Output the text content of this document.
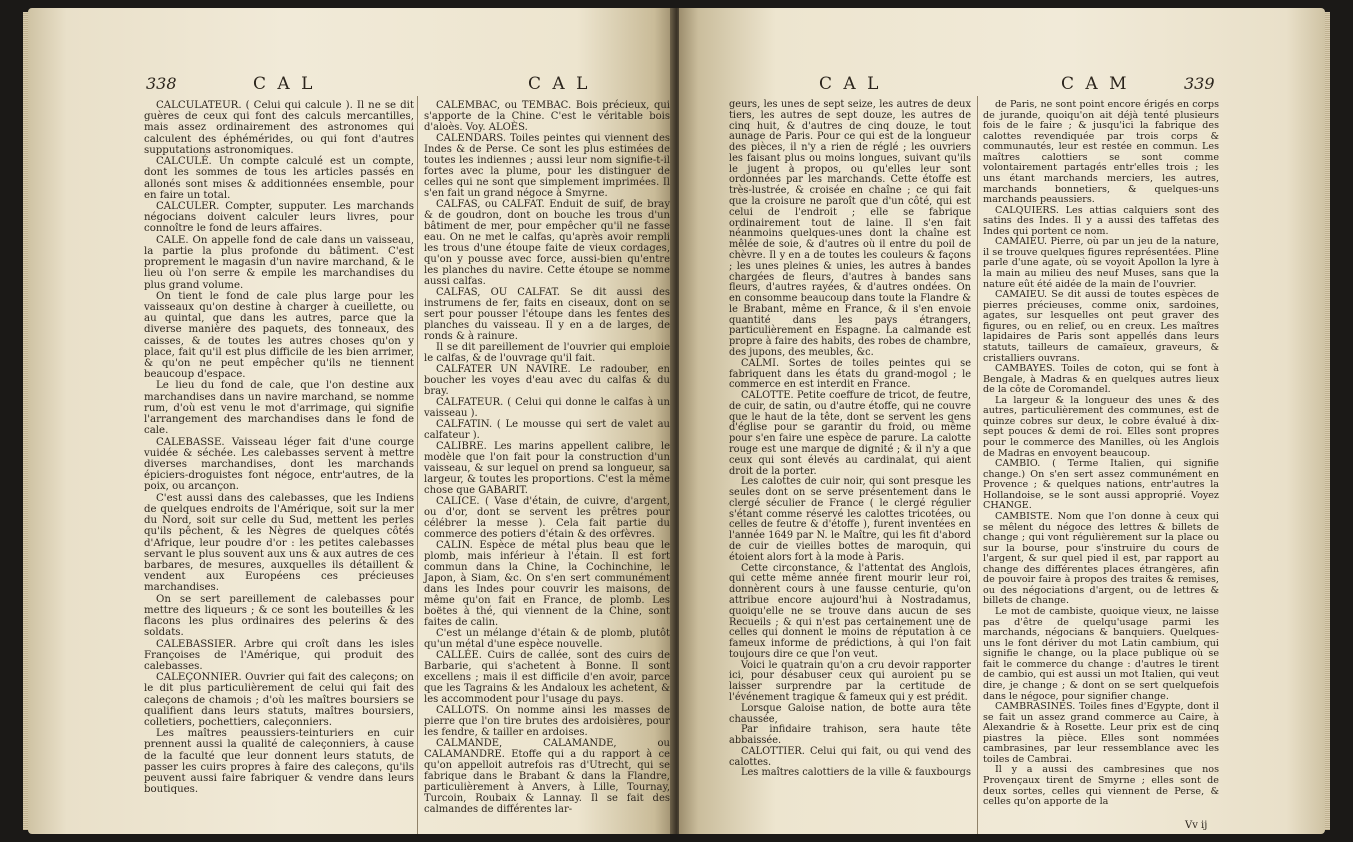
338	C A L	C A L

CALCULATEUR. ( Celui qui calcule ). Il ne se dit guères de ceux qui font des calculs mercantilles, mais assez ordinairement des astronomes qui calculent des éphémérides, ou qui font d'autres supputations astronomiques.

CALCULÉ. Un compte calculé est un compte, dont les sommes de tous les articles passés en allonés sont mises & additionnées ensemble, pour en faire un total.

CALCULER. Compter, supputer. Les marchands négocians doivent calculer leurs livres, pour connoître le fond de leurs affaires.

CALE. On appelle fond de cale dans un vaisseau, la partie la plus profonde du bâtiment. C'est proprement le magasin d'un navire marchand, & le lieu où l'on serre & empile les marchandises du plus grand volume.

On tient le fond de cale plus large pour les vaisseaux qu'on destine à charger à cueillette, ou au quintal, que dans les autres, parce que la diverse manière des paquets, des tonneaux, des caisses, & de toutes les autres choses qu'on y place, fait qu'il est plus difficile de les bien arrimer, & qu'on ne peut empêcher qu'ils ne tiennent beaucoup d'espace.

Le lieu du fond de cale, que l'on destine aux marchandises dans un navire marchand, se nomme rum, d'où est venu le mot d'arrimage, qui signifie l'arrangement des marchandises dans le fond de cale.

CALEBASSE. Vaisseau léger fait d'une courge vuidée & séchée. Les calebasses servent à mettre diverses marchandises, dont les marchands épiciers-droguistes font négoce, entr'autres, de la poix, ou arcançon.

C'est aussi dans des calebasses, que les Indiens de quelques endroits de l'Amérique, soit sur la mer du Nord, soit sur celle du Sud, mettent les perles qu'ils pêchent, & les Nègres de quelques côtés d'Afrique, leur poudre d'or : les petites calebasses servant le plus souvent aux uns & aux autres de ces barbares, de mesures, auxquelles ils détaillent & vendent aux Européens ces précieuses marchandises.

On se sert pareillement de calebasses pour mettre des liqueurs ; & ce sont les bouteilles & les flacons les plus ordinaires des pelerins & des soldats.

CALEBASSIER. Arbre qui croît dans les isles Françoises de l'Amérique, qui produit des calebasses.

CALEÇONNIER. Ouvrier qui fait des caleçons; on le dit plus particulièrement de celui qui fait des caleçons de chamois ; d'où les maîtres boursiers se qualifient dans leurs statuts, maîtres boursiers, colletiers, pochettiers, caleçonniers.

Les maîtres peaussiers-teinturiers en cuir prennent aussi la qualité de caleçonniers, à cause de la faculté que leur donnent leurs statuts, de passer les cuirs propres à faire des caleçons, qu'ils peuvent aussi faire fabriquer & vendre dans leurs boutiques.

CALEMBAC, ou TEMBAC. Bois précieux, qui s'apporte de la Chine. C'est le véritable bois d'aloès. Voy. ALOÈS.

CALENDARS. Toiles peintes qui viennent des Indes & de Perse. Ce sont les plus estimées de toutes les indiennes ; aussi leur nom signifie-t-il fortes avec la plume, pour les distinguer de celles qui ne sont que simplement imprimées. Il s'en fait un grand négoce à Smyrne.

CALFAS, ou CALFAT. Enduit de suif, de bray & de goudron, dont on bouche les trous d'un bâtiment de mer, pour empêcher qu'il ne fasse eau. On ne met le calfas, qu'après avoir rempli les trous d'une étoupe faite de vieux cordages, qu'on y pousse avec force, aussi-bien qu'entre les planches du navire. Cette étoupe se nomme aussi calfas.

CALFAS, OU CALFAT. Se dit aussi des instrumens de fer, faits en ciseaux, dont on se sert pour pousser l'étoupe dans les fentes des planches du vaisseau. Il y en a de larges, de ronds & à rainure.

Il se dit pareillement de l'ouvrier qui emploie le calfas, & de l'ouvrage qu'il fait.

CALFATER UN NAVIRE. Le radouber, en boucher les voyes d'eau avec du calfas & du bray.

CALFATEUR. ( Celui qui donne le calfas à un vaisseau ).

CALFATIN. ( Le mousse qui sert de valet au calfateur ).

CALIBRE. Les marins appellent calibre, le modèle que l'on fait pour la construction d'un vaisseau, & sur lequel on prend sa longueur, sa largeur, & toutes les proportions. C'est la même chose que GABARIT.

CALICE. ( Vase d'étain, de cuivre, d'argent, ou d'or, dont se servent les prêtres pour célébrer la messe ). Cela fait partie du commerce des potiers d'étain & des orfèvres.

CALIN. Espèce de métal plus beau que le plomb, mais inférieur à l'étain. Il est fort commun dans la Chine, la Cochinchine, le Japon, à Siam, &c. On s'en sert communément dans les Indes pour couvrir les maisons, de même qu'on fait en France, de plomb. Les boëtes à thé, qui viennent de la Chine, sont faites de calin.

C'est un mélange d'étain & de plomb, plutôt qu'un métal d'une espèce nouvelle.

CALLÉE. Cuirs de callée, sont des cuirs de Barbarie, qui s'achetent à Bonne. Il sont excellens ; mais il est difficile d'en avoir, parce que les Tagrains & les Andaloux les achetent, & les accommodent pour l'usage du pays.

CALLOTS. On nomme ainsi les masses de pierre que l'on tire brutes des ardoisières, pour les fendre, & tailler en ardoises.

CALMANDE, CALAMANDE, ou CALAMANDRE. Etoffe qui a du rapport à ce qu'on appelloit autrefois ras d'Utrecht, qui se fabrique dans le Brabant & dans la Flandre, particulièrement à Anvers, à Lille, Tournay, Turcoin, Roubaix & Lannay. Il se fait des calmandes de différentes lar-

C A L	C A M	339

geurs, les unes de sept seize, les autres de deux tiers, les autres de sept douze, les autres de cinq huit, & d'autres de cinq douze, le tout aunage de Paris. Pour ce qui est de la longueur des pièces, il n'y a rien de réglé ; les ouvriers les faisant plus ou moins longues, suivant qu'ils le jugent à propos, ou qu'elles leur sont ordonnées par les marchands. Cette étoffe est très-lustrée, & croisée en chaîne ; ce qui fait que la croisure ne paroît que d'un côté, qui est celui de l'endroit ; elle se fabrique ordinairement tout de laine. Il s'en fait néanmoins quelques-unes dont la chaîne est mêlée de soie, & d'autres où il entre du poil de chèvre. Il y en a de toutes les couleurs & façons ; les unes pleines & unies, les autres à bandes chargées de fleurs, d'autres à bandes sans fleurs, d'autres rayées, & d'autres ondées. On en consomme beaucoup dans toute la Flandre & le Brabant, même en France, & il s'en envoie quantité dans les pays étrangers, particulièrement en Espagne. La calmande est propre à faire des habits, des robes de chambre, des jupons, des meubles, &c.

CALMI. Sortes de toiles peintes qui se fabriquent dans les états du grand-mogol ; le commerce en est interdit en France.

CALOTTE. Petite coeffure de tricot, de feutre, de cuir, de satin, ou d'autre étoffe, qui ne couvre que le haut de la tête, dont se servent les gens d'église pour se garantir du froid, ou même pour s'en faire une espèce de parure. La calotte rouge est une marque de dignité ; & il n'y a que ceux qui sont élevés au cardinalat, qui aient droit de la porter.

Les calottes de cuir noir, qui sont presque les seules dont on se serve présentement dans le clergé séculier de France ( le clergé régulier s'étant comme réservé les calottes tricotées, ou celles de feutre & d'étoffe ), furent inventées en l'année 1649 par N. le Maître, qui les fit d'abord de cuir de vieilles bottes de maroquin, qui étoient alors fort à la mode à Paris.

Cette circonstance, & l'attentat des Anglois, qui cette même année firent mourir leur roi, donnèrent cours à une fausse centurie, qu'on attribue encore aujourd'hui à Nostradamus, quoiqu'elle ne se trouve dans aucun de ses Recueils ; & qui n'est pas certainement une de celles qui donnent le moins de réputation à ce fameux informe de prédictions, à qui l'on fait toujours dire ce que l'on veut.

Voici le quatrain qu'on a cru devoir rapporter ici, pour désabuser ceux qui auroient pu se laisser surprendre par la certitude de l'événement tragique & fameux qui y est prédit.

Lorsque Galoise nation, de botte aura tête chaussée,

Par infidaire trahison, sera haute tête abbaissée.

CALOTTIER. Celui qui fait, ou qui vend des calottes.

Les maîtres calottiers de la ville & fauxbourgs

de Paris, ne sont point encore érigés en corps de jurande, quoiqu'on ait déjà tenté plusieurs fois de le faire ; & jusqu'ici la fabrique des calottes revendiquée par trois corps & communautés, leur est restée en commun. Les maîtres calottiers se sont comme volontairement partagés entr'elles trois ; les uns étant marchands merciers, les autres, marchands bonnetiers, & quelques-uns marchands peaussiers.

CALQUIERS. Les attias calquiers sont des satins des Indes. Il y a aussi des taffetas des Indes qui portent ce nom.

CAMAIEU. Pierre, où par un jeu de la nature, il se trouve quelques figures représentées. Pline parle d'une agate, où se voyoit Apollon la lyre à la main au milieu des neuf Muses, sans que la nature eût été aidée de la main de l'ouvrier.

CAMAIEU. Se dit aussi de toutes espèces de pierres précieuses, comme onix, sardoines, agates, sur lesquelles ont peut graver des figures, ou en relief, ou en creux. Les maîtres lapidaires de Paris sont appellés dans leurs statuts, tailleurs de camaïeux, graveurs, & cristalliers ouvrans.

CAMBAYES. Toiles de coton, qui se font à Bengale, à Madras & en quelques autres lieux de la côte de Coromandel.

La largeur & la longueur des unes & des autres, particulièrement des communes, est de quinze cobres sur deux, le cobre évalué à dix-sept pouces & demi de roi. Elles sont propres pour le commerce des Manilles, où les Anglois de Madras en envoyent beaucoup.

CAMBIO. ( Terme Italien, qui signifie change.) On s'en sert assez communément en Provence ; & quelques nations, entr'autres la Hollandoise, se le sont aussi approprié. Voyez CHANGE.

CAMBISTE. Nom que l'on donne à ceux qui se mêlent du négoce des lettres & billets de change ; qui vont régulièrement sur la place ou sur la bourse, pour s'instruire du cours de l'argent, & sur quel pied il est, par rapport au change des différentes places étrangères, afin de pouvoir faire à propos des traites & remises, ou des négociations d'argent, ou de lettres & billets de change.

Le mot de cambiste, quoique vieux, ne laisse pas d'être de quelqu'usage parmi les marchands, négocians & banquiers. Quelques-uns le font dériver du mot Latin cambium, qui signifie le change, ou la place publique où se fait le commerce du change : d'autres le tirent de cambio, qui est aussi un mot Italien, qui veut dire, je change ; & dont on se sert quelquefois dans le négoce, pour signifier change.

CAMBRASINES. Toiles fines d'Egypte, dont il se fait un assez grand commerce au Caire, à Alexandrie & à Rosette. Leur prix est de cinq piastres la pièce. Elles sont nommées cambrasines, par leur ressemblance avec les toiles de Cambrai.

Il y a aussi des cambresines que nos Provençaux tirent de Smyrne ; elles sont de deux sortes, celles qui viennent de Perse, & celles qu'on apporte de la

Vv ij
